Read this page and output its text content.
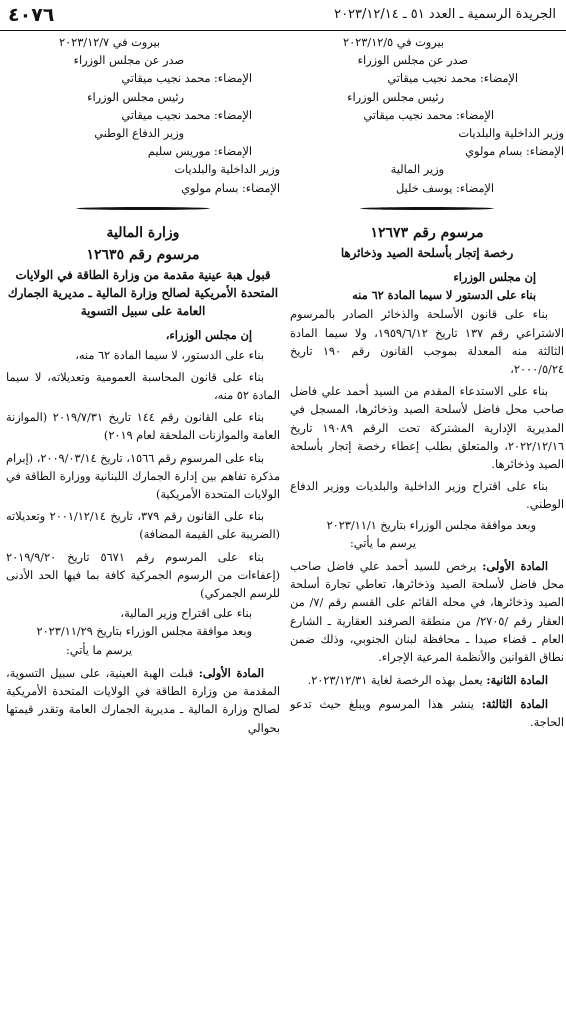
٤٠٧٦	الجريدة الرسمية ـ العدد ٥١ ـ ٢٠٢٣/١٢/١٤
بيروت في ٢٠٢٣/١٢/٥
صدر عن مجلس الوزراء
الإمضاء: محمد نجيب ميقاتي
رئيس مجلس الوزراء
الإمضاء: محمد نجيب ميقاتي
وزير الداخلية والبلديات
الإمضاء: بسام مولوي
وزير المالية
الإمضاء: يوسف خليل
مرسوم رقم ١٢٦٧٣
رخصة إتجار بأسلحة الصيد وذخائرها
إن مجلس الوزراء
بناء على الدستور لا سيما المادة ٦٢ منه
بناء على قانون الأسلحة والذخائر الصادر بالمرسوم الاشتراعي رقم ١٣٧ تاريخ ١٩٥٩/٦/١٢، ولا سيما المادة الثالثة منه المعدلة بموجب القانون رقم ١٩٠ تاريخ ٢٠٠٠/٥/٢٤،
بناء على الاستدعاء المقدم من السيد أحمد علي فاضل صاحب محل فاضل لأسلحة الصيد وذخائرها، المسجل في المديرية الإدارية المشتركة تحت الرقم ١٩٠٨٩ تاريخ ٢٠٢٢/١٢/١٦، والمتعلق بطلب إعطاء رخصة إتجار بأسلحة الصيد وذخائرها.
بناء على اقتراح وزير الداخلية والبلديات ووزير الدفاع الوطني.
وبعد موافقة مجلس الوزراء بتاريخ ٢٠٢٣/١١/١
يرسم ما يأتي:
المادة الأولى: يرخص للسيد أحمد علي فاضل صاحب محل فاضل لأسلحة الصيد وذخائرها، تعاطي تجارة أسلحة الصيد وذخائرها، في محله القائم على القسم رقم /٧/ من العقار رقم /٢٧٠٥/ من منطقة الصرفند العقارية ـ الشارع العام ـ قضاء صيدا ـ محافظة لبنان الجنوبي، وذلك ضمن نطاق القوانين والأنظمة المرعية الإجراء.
المادة الثانية: يعمل بهذه الرخصة لغاية ٢٠٢٣/١٢/٣١.
المادة الثالثة: ينشر هذا المرسوم ويبلغ حيث تدعو الحاجة.
بيروت في ٢٠٢٣/١٢/٧
صدر عن مجلس الوزراء
الإمضاء: محمد نجيب ميقاتي
رئيس مجلس الوزراء
الإمضاء: محمد نجيب ميقاتي
وزير الدفاع الوطني
الإمضاء: موريس سليم
وزير الداخلية والبلديات
الإمضاء: بسام مولوي
وزارة المالية
مرسوم رقم ١٢٦٣٥
قبول هبة عينية مقدمة من وزارة الطاقة في الولايات المتحدة الأمريكية لصالح وزارة المالية ـ مديرية الجمارك العامة على سبيل التسوية
إن مجلس الوزراء،
بناء على الدستور، لا سيما المادة ٦٢ منه،
بناء على قانون المحاسبة العمومية وتعديلاته، لا سيما المادة ٥٢ منه،
بناء على القانون رقم ١٤٤ تاريخ ٢٠١٩/٧/٣١ (الموازنة العامة والموازنات الملحقة لعام ٢٠١٩)
بناء على المرسوم رقم ١٥٦٦، تاريخ ٢٠٠٩/٠٣/١٤، (إبرام مذكرة تفاهم بين إدارة الجمارك اللبنانية ووزارة الطاقة في الولايات المتحدة الأمريكية)
بناء على القانون رقم ٣٧٩، تاريخ ٢٠٠١/١٢/١٤ وتعديلاته (الضريبة على القيمة المضافة)
بناء على المرسوم رقم ٥٦٧١ تاريخ ٢٠١٩/٩/٢٠ (إعفاءات من الرسوم الجمركية كافة بما فيها الحد الأدنى للرسم الجمركي)
بناء على اقتراح وزير المالية،
وبعد موافقة مجلس الوزراء بتاريخ ٢٠٢٣/١١/٢٩
يرسم ما يأتي:
المادة الأولى: قبلت الهبة العينية، على سبيل التسوية، المقدمة من وزارة الطاقة في الولايات المتحدة الأمريكية لصالح وزارة المالية ـ مديرية الجمارك العامة وتقدر قيمتها بحوالي
